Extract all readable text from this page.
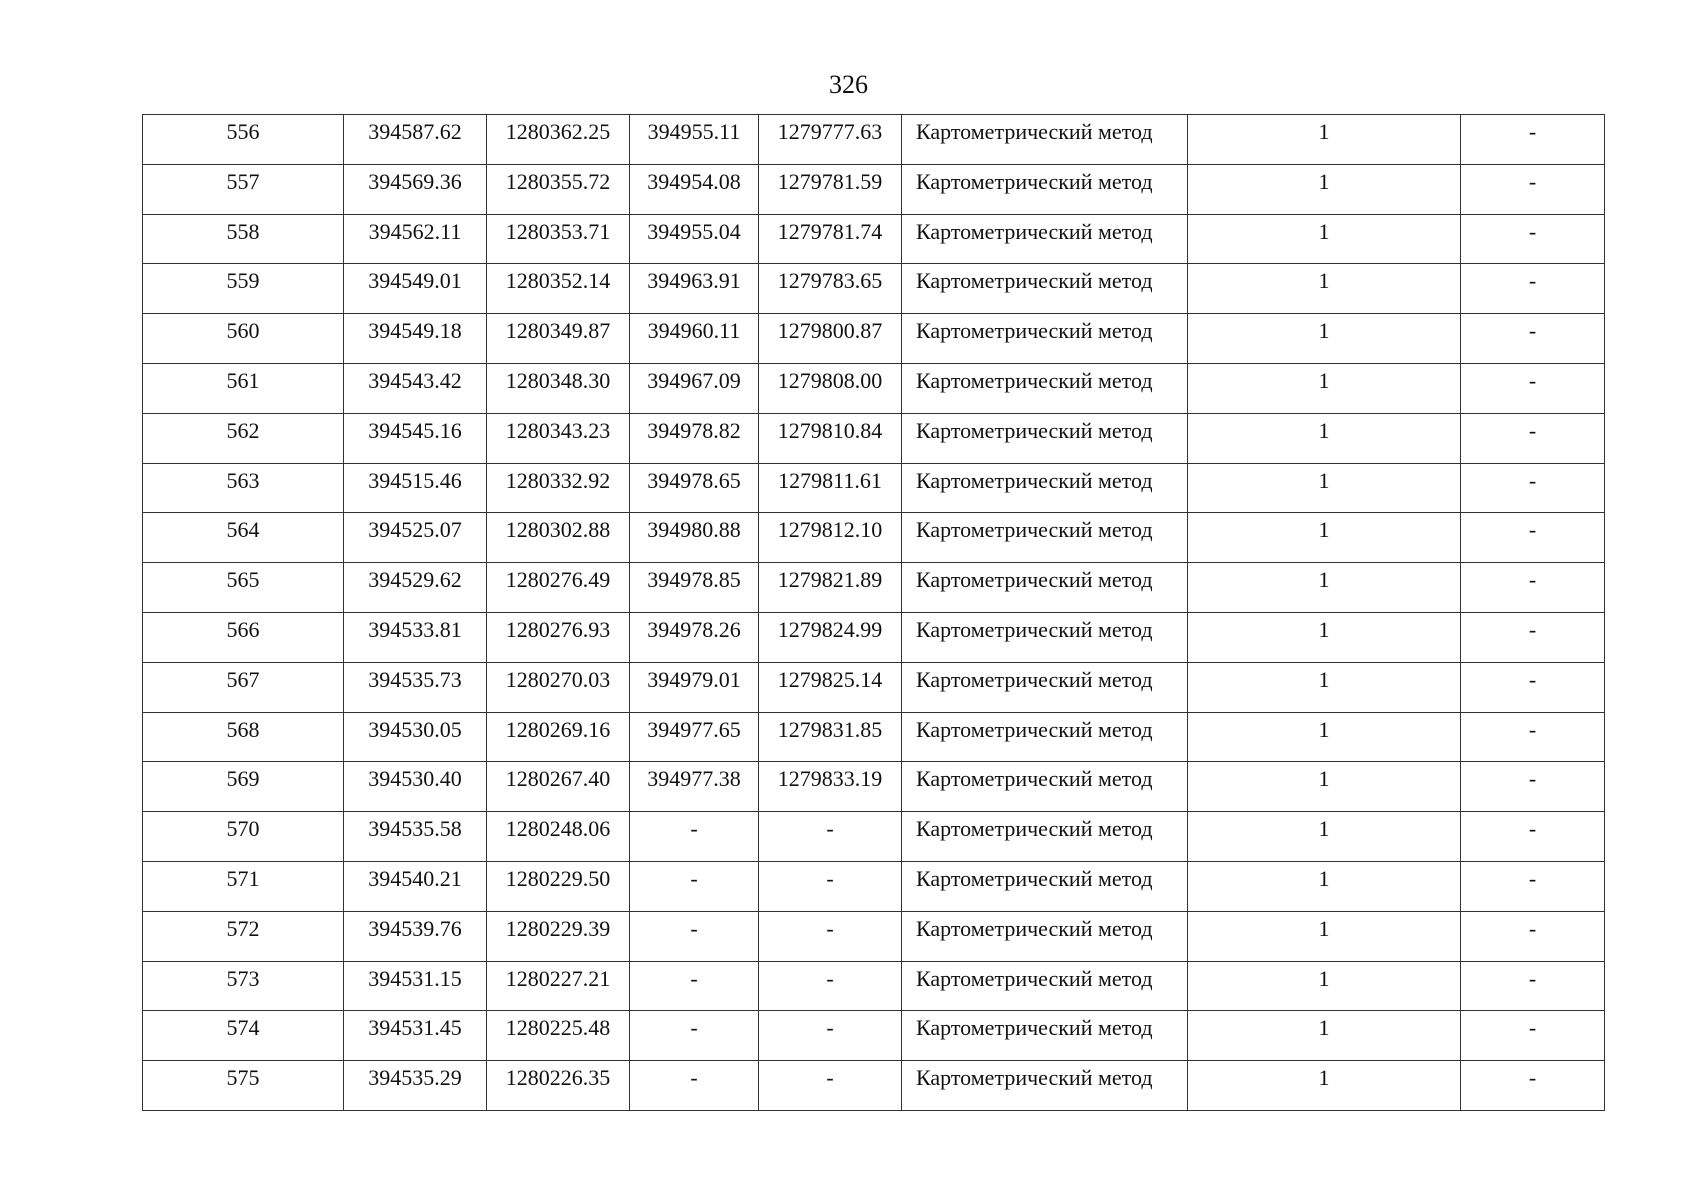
326
556	394587.62	1280362.25	394955.11	1279777.63	Картометрический метод	1	-
557	394569.36	1280355.72	394954.08	1279781.59	Картометрический метод	1	-
558	394562.11	1280353.71	394955.04	1279781.74	Картометрический метод	1	-
559	394549.01	1280352.14	394963.91	1279783.65	Картометрический метод	1	-
560	394549.18	1280349.87	394960.11	1279800.87	Картометрический метод	1	-
561	394543.42	1280348.30	394967.09	1279808.00	Картометрический метод	1	-
562	394545.16	1280343.23	394978.82	1279810.84	Картометрический метод	1	-
563	394515.46	1280332.92	394978.65	1279811.61	Картометрический метод	1	-
564	394525.07	1280302.88	394980.88	1279812.10	Картометрический метод	1	-
565	394529.62	1280276.49	394978.85	1279821.89	Картометрический метод	1	-
566	394533.81	1280276.93	394978.26	1279824.99	Картометрический метод	1	-
567	394535.73	1280270.03	394979.01	1279825.14	Картометрический метод	1	-
568	394530.05	1280269.16	394977.65	1279831.85	Картометрический метод	1	-
569	394530.40	1280267.40	394977.38	1279833.19	Картометрический метод	1	-
570	394535.58	1280248.06	-	-	Картометрический метод	1	-
571	394540.21	1280229.50	-	-	Картометрический метод	1	-
572	394539.76	1280229.39	-	-	Картометрический метод	1	-
573	394531.15	1280227.21	-	-	Картометрический метод	1	-
574	394531.45	1280225.48	-	-	Картометрический метод	1	-
575	394535.29	1280226.35	-	-	Картометрический метод	1	-
